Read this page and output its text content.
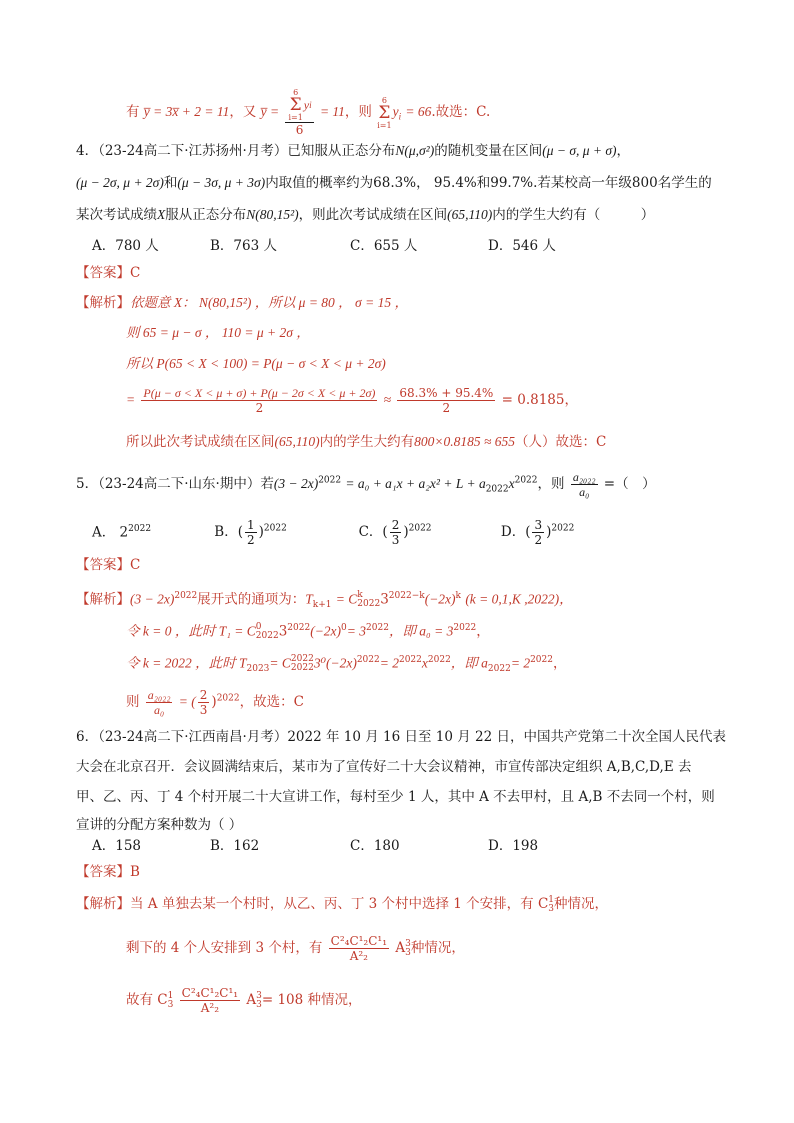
有 y̅ = 3x̅ + 2 = 11，又 y̅ = 6
Σ
i=1
y i
6 = 11，则
6
Σ
i=1
$y_i = 66$.故选：C.
4．（23-24高二下·江苏扬州·月考）已知服从正态分布N(μ,σ²)的随机变量在区间(μ − σ, μ + σ)，
(μ − 2σ, μ + 2σ)和(μ − 3σ, μ + 3σ)内取值的概率约为68.3%， 95.4%和99.7%.若某校高一年级800名学生的
某次考试成绩X服从正态分布N(80,15²)，则此次考试成绩在区间(65,110)内的学生大约有（　　　）
A．780 人	B．763 人	C．655 人	D．546 人
【答案】C
【解析】依题意 X： N(80,15²) ，所以 μ = 80 ， σ = 15 ，
则 65 = μ − σ ， 110 = μ + 2σ ，
所以 P(65 < X < 100) = P(μ − σ < X < μ + 2σ)
= $\frac{P(\mu - \sigma < X < \mu + \sigma) + P(\mu - 2\sigma < X < \mu + 2\sigma)}{2} \approx \frac{68.3\% + 95.4\%}{2} = 0.8185$，
所以此次考试成绩在区间(65,110)内的学生大约有800×0.8185 ≈ 655（人）故选：C
5．（23-24高二下·山东·期中）若$(3 - 2x)^{2022} = a_0 + a_1x + a_2x^2 + L + a_{2022}x^{2022}$，则 $\frac{\text{a₂₀₂₂}}{\text{a₀}}$ =（　）
A． $2^{2022}$	B．( $\frac{1}{2} )^{2022}$	C．( $\frac{2}{3} )^{2022}$	D．( $\frac{3}{2} )^{2022}$
【答案】C
【解析】$(3 - 2x)^{2022}$展开式的通项为：$T_{k+1} = C$ k
2022 $3^{2022-k}(-2x)^k$ (k = 0,1,K ,2022)，
令 k = 0 ，此时 T₁ = C 0
2022 $3^{2022}(-2x)^0= 3^{2022}$，即 $a_0 = 3^{2022}$，
令 k = 2022 ，此时 $T_{2023}= C$ 2022
2022 $3^0(-2x)^{2022}= 2^{2022}x^{2022}$，即 $a_{2022}= 2^{2022}$，
则 $\frac{\text{a₂₀₂₂}}{\text{a₀}}$ = ( $\frac{2}{3} )^{2022}$，故选：C
6．（23-24高二下·江西南昌·月考）2022 年 10 月 16 日至 10 月 22 日，中国共产党第二十次全国人民代表
大会在北京召开．会议圆满结束后，某市为了宣传好二十大会议精神，市宣传部决定组织 A,B,C,D,E 去
甲、乙、丙、丁 4 个村开展二十大宣讲工作，每村至少 1 人，其中 A 不去甲村，且 A,B 不去同一个村，则
宣讲的分配方案种数为（ ）
A．158	B．162	C．180	D．198
【答案】B
【解析】当 A 单独去某一个村时，从乙、丙、丁 3 个村中选择 1 个安排，有 C 1
3 种情况，
剩下的 4 个人安排到 3 个村，有 $\frac{\text{C²₄C¹₂C¹₁}}{\text{A²₂}}$ A 3
3 种情况，
故有 C 1
3
$\frac{\text{C²₄C¹₂C¹₁}}{\text{A²₂}}$ A 3
3 = 108 种情况，
